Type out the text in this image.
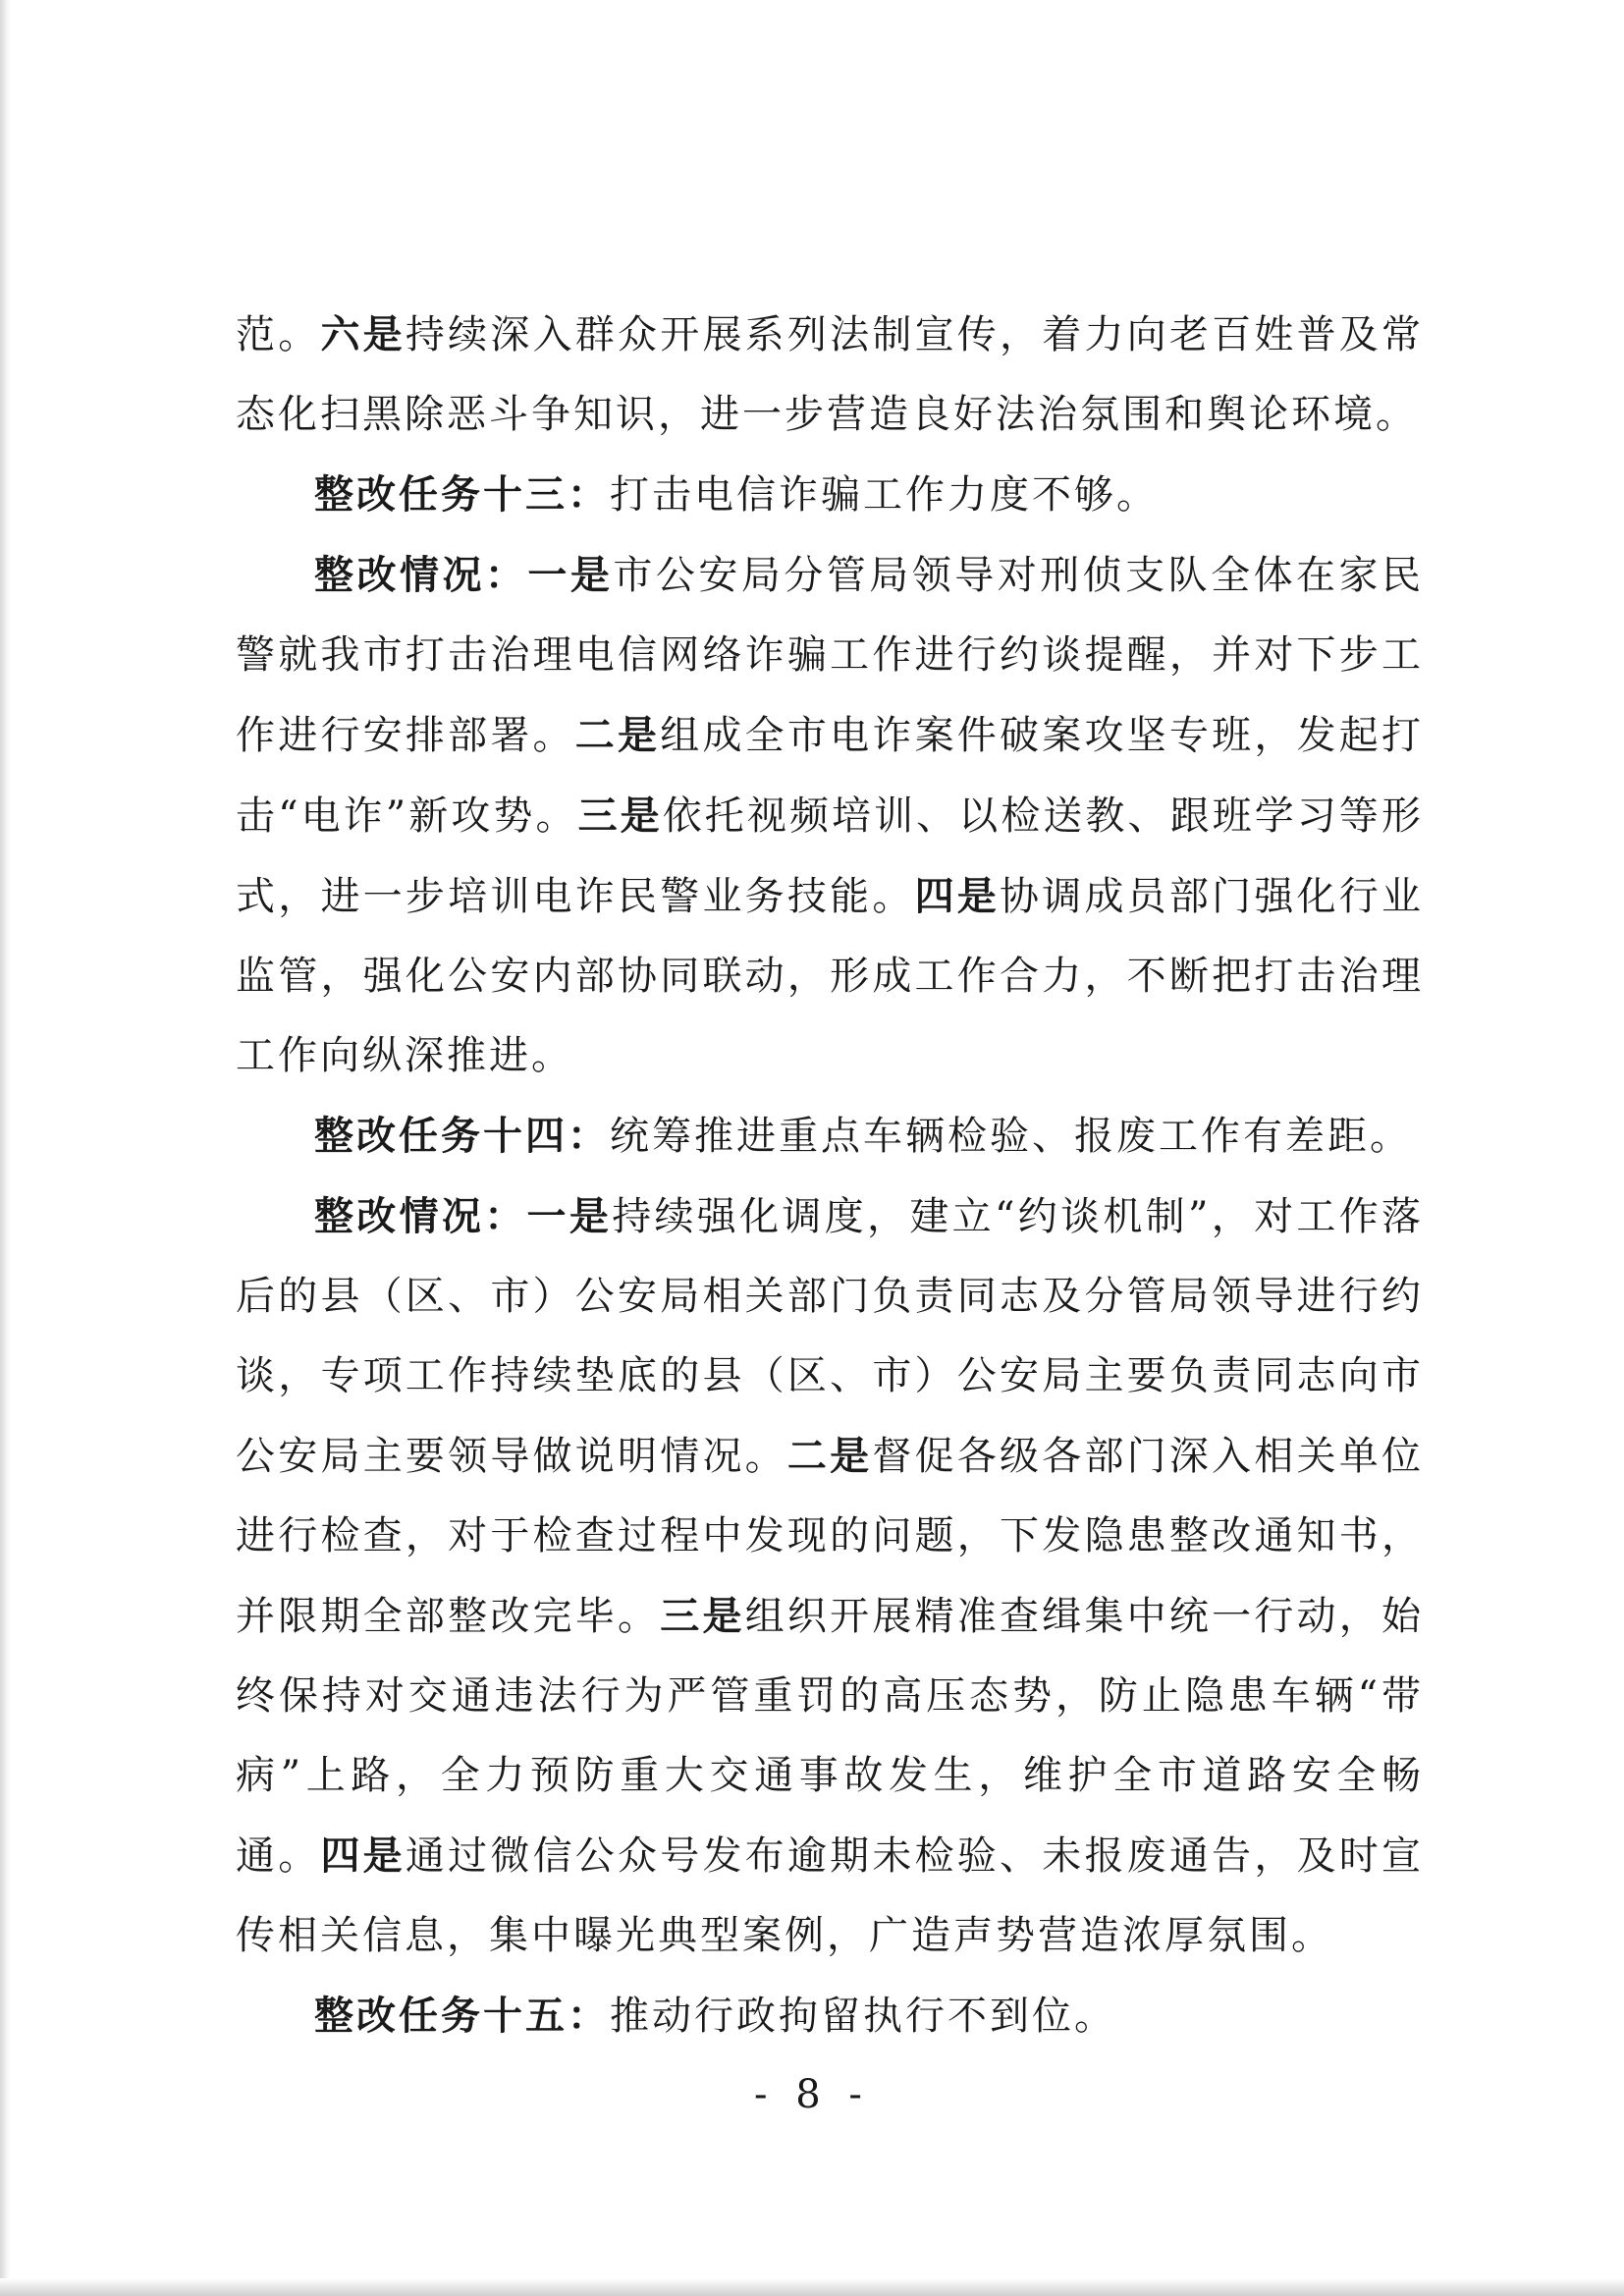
范。六是持续深入群众开展系列法制宣传，着力向老百姓普及常态化扫黑除恶斗争知识，进一步营造良好法治氛围和舆论环境。

整改任务十三：打击电信诈骗工作力度不够。

整改情况：一是市公安局分管局领导对刑侦支队全体在家民警就我市打击治理电信网络诈骗工作进行约谈提醒，并对下步工作进行安排部署。二是组成全市电诈案件破案攻坚专班，发起打击“电诈”新攻势。三是依托视频培训、以检送教、跟班学习等形式，进一步培训电诈民警业务技能。四是协调成员部门强化行业监管，强化公安内部协同联动，形成工作合力，不断把打击治理工作向纵深推进。

整改任务十四：统筹推进重点车辆检验、报废工作有差距。

整改情况：一是持续强化调度，建立“约谈机制”，对工作落后的县（区、市）公安局相关部门负责同志及分管局领导进行约谈，专项工作持续垫底的县（区、市）公安局主要负责同志向市公安局主要领导做说明情况。二是督促各级各部门深入相关单位进行检查，对于检查过程中发现的问题，下发隐患整改通知书，并限期全部整改完毕。三是组织开展精准查缉集中统一行动，始终保持对交通违法行为严管重罚的高压态势，防止隐患车辆“带病”上路，全力预防重大交通事故发生，维护全市道路安全畅通。四是通过微信公众号发布逾期未检验、未报废通告，及时宣传相关信息，集中曝光典型案例，广造声势营造浓厚氛围。

整改任务十五：推动行政拘留执行不到位。

- 8 -
